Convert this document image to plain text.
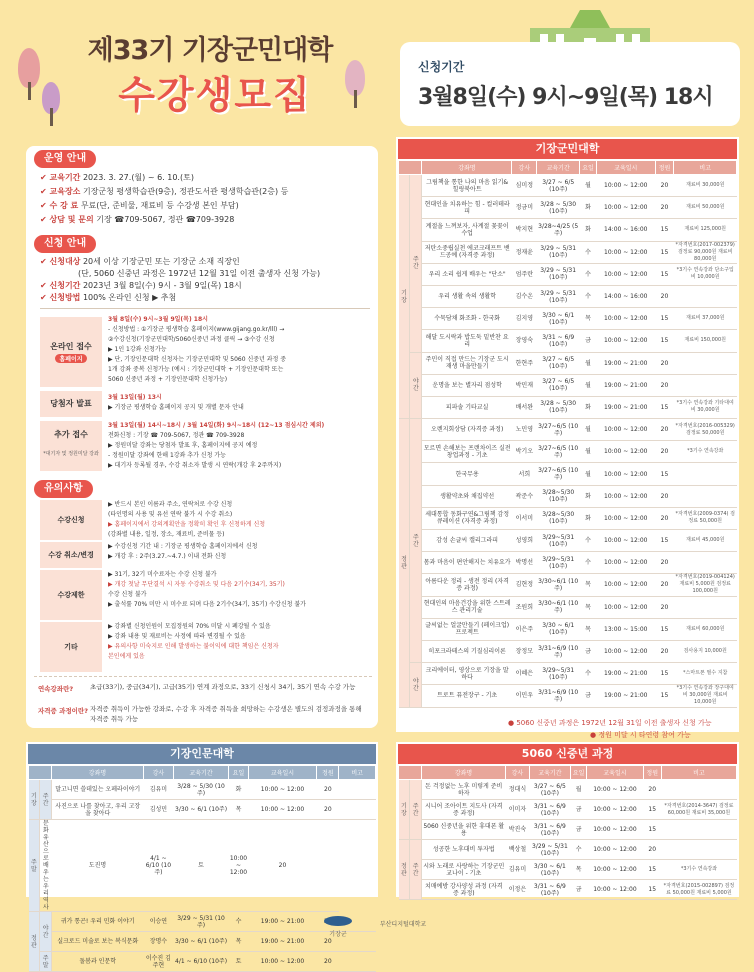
제33기 기장군민대학
수강생모집
신청기간
3월8일(수) 9시~9일(목) 18시
운영 안내
✔ 교육기간 2023. 3. 27.(월) ~ 6. 10.(토)
✔ 교육장소 기장군청 평생학습관(9층), 정관도서관 평생학습관(2층) 등
✔ 수 강 료 무료(단, 준비물, 재료비 등 수강생 본인 부담)
✔ 상담 및 문의 기장 ☎709-5067, 정관 ☎709-3928
신청 안내
✔ 신청대상 20세 이상 기장군민 또는 기장군 소재 직장인
(단, 5060 신중년 과정은 1972년 12월 31일 이전 출생자 신청 가능)
✔ 신청기간 2023년 3월 8일(수) 9시 - 3월 9일(목) 18시
✔ 신청방법 100% 온라인 신청 ▶ 추첨
온라인 접수
홈페이지
3월 8일(수) 9시~3월 9일(목) 18시
- 신청방법 : ①기장군 평생학습 홈페이지(www.gijang.go.kr/lll) →
②수강신청(기장군민대학/5060신중년 과정 클릭 → ③수강 신청
▶ 1인 1강좌 신청가능
▶ 단, 기장인문대학 신청자는 기장군민대학 및 5060 신중년 과정 중
1개 강좌 중복 신청가능 (예시 : 기장군민대학 + 기장인문대학 또는
5060 신중년 과정 + 기장인문대학 신청가능)
당첨자 발표
3월 13일(월) 13시
▶ 기장군 평생학습 홈페이지 공지 및 개별 문자 안내
추가 접수
*대기자 및 정원미달 강좌
3월 13일(월) 14시~18시 / 3월 14일(화) 9시~18시 (12~13 점심시간 제외)
전화신청 : 기장 ☎ 709-5067, 정관 ☎ 709-3928
▶ 정원미달 강좌는 당첨자 발표 후, 홈페이지에 공지 예정
- 정원미달 강좌에 한해 1강좌 추가 신청 가능
▶ 대기자 등록될 경우, 수강 취소자 발생 시 연락(개강 후 2주까지)
유의사항
수강신청
▶ 반드시 본인 이름과 주소, 연락처로 수강 신청
(타인명의 사용 및 유선 연락 불가 시 수강 취소)
▶ 홈페이지에서 강의계획안을 정확히 확인 후 신청하게 신청
(강좌별 내용, 일정, 장소, 재료비, 준비물 등)
수강 취소/변경
▶ 수강신청 기간 내 : 기장군 평생학습 홈페이지에서 신청
▶ 개강 후 : 2주(3.27.~4.7.) 이내 전화 신청
수강제한
▶ 31기, 32기 미수료자는 수강 신청 불가
▶ 개강 첫날 무단결석 시 자동 수강취소 및 다음 2기수(34기, 35기)
수강 신청 불가
▶ 출석률 70% 미만 시 미수료 되며 다음 2기수(34기, 35기) 수강신청 불가
기타
▶ 강좌별 신청인원이 모집정원의 70% 미달 시 폐강될 수 있음
▶ 강좌 내용 및 재료비는 사정에 따라 변경될 수 있음
▶ 유의사항 미숙지로 인해 발생하는 불이익에 대한 책임은 신청자
본인에게 있음
연속강좌란?	초급(33기), 중급(34기), 고급(35기) 연계 과정으로, 33기 신청시 34기, 35기 연속 수강 가능
자격증 과정이란? 자격증 취득이 가능한 강좌로, 수강 후 자격증 취득을 희망하는 수강생은 별도의 검정과정을 통해 자격증 취득 가능
기장군민대학
		강좌명	강사	교육기간	요일	교육일시	정원	비고
기장	주간	그림책을 통한 나의 마음 읽기&힐링북아트	심미정	3/27 ~ 6/5 (10주)	월	10:00 ~ 12:00	20	재료비 30,000원
		현대인을 치유하는 힘 - 컬러테라피	정금미	3/28 ~ 5/30 (10주)	화	10:00 ~ 12:00	20	재료비 50,000원
		계절을 느껴보자, 사계절 꽃꽂이 수업	박지현	3/28~4/25 (5주)	화	14:00 ~ 16:00	15	재료비 125,000원
		저탄소중립실천 에코크래프트 밴드공예 (자격증 과정)	정재윤	3/29 ~ 5/31 (10주)	수	10:00 ~ 12:00	15	*자격번호(2017-002379) 검정료 90,000원 재료비 80,000원
		우리 소리 쉽게 배우는 "단소"	엄주란	3/29 ~ 5/31 (10주)	수	10:00 ~ 12:00	15	*3기수 연속강좌 단소구입비 10,000원
		우리 생활 속의 생활학	김수온	3/29 ~ 5/31 (10주)	수	14:00 ~ 16:00	20	
		수묵담채 화조화 - 한국화	김지영	3/30 ~ 6/1 (10주)	목	10:00 ~ 12:00	15	재료비 37,000원
		해달 도시락과 밥도둑 밑반찬 요리	장영숙	3/31 ~ 6/9 (10주)	금	10:00 ~ 12:00	15	재료비 150,000원
	야간	주민이 직접 만드는 기장군 도시재생 마을만들기	한현주	3/27 ~ 6/5 (10주)	월	19:00 ~ 21:00	20	
		운명을 보는 별자리 점성학	박민재	3/27 ~ 6/5 (10주)	월	19:00 ~ 21:00	20	
		피파솔 기타교실	배서완	3/28 ~ 5/30 (10주)	화	19:00 ~ 21:00	15	*3기수 연속강좌 기타대여비 30,000원
정관	주간	오렌지회상담 (자격증 과정)	노민영	3/27~6/5 (10주)	월	10:00 ~ 12:00	20	*자격번호(2016-005329) 검정료 50,000원
		모르면 손해보는 프랜차이즈 실전 창업과정 - 기초	박기오	3/27~6/5 (10주)	월	10:00 ~ 12:00	20	*3기수 연속강좌
		한국무용	서희	3/27~6/5 (10주)	월	10:00 ~ 12:00	15	
		생활약초와 채집약선	곽준수	3/28~5/30 (10주)	화	10:00 ~ 12:00	20	
		세대통합 동화구연&그림책 감정큐레이션 (자격증 과정)	이서미	3/28~5/30 (10주)	화	10:00 ~ 12:00	20	*자격번호(2009-0374) 검정료 50,000원
		감성 손글씨 캘리그라피	성영희	3/29~5/31 (10주)	수	10:00 ~ 12:00	15	재료비 45,000원
		몸과 마음이 편안해지는 치유요가	박명선	3/29~5/31 (10주)	수	10:00 ~ 12:00	20	
		아름다운 정리 - 생전 정리 (자격증 과정)	김현정	3/30~6/1 (10주)	목	10:00 ~ 12:00	20	*자격번호(2019-004124) 재료비 5,000원 검정료 100,000원
		현대인의 마음건강을 위한 스트레스 관리기술	조원희	3/30~6/1 (10주)	목	10:00 ~ 12:00	20	
		글씨없는 얼굴만들기 (페이크업) 프로젝트	이은주	3/30 ~ 6/1 (10주)	목	13:00 ~ 15:00	15	재료비 60,000원
		히포크라테스의 기질심리이론	장정모	3/31~6/9 (10주)	금	10:00 ~ 12:00	20	검사용지 10,000원
	야간	크리에이터, 영상으로 기장을 말하다	이혜은	3/29~5/31 (10주)	수	19:00 ~ 21:00	15	*스마트폰 필수 지참
		트로트 퓨전장구 - 기초	이민우	3/31~6/9 (10주)	금	19:00 ~ 21:00	15	*3기수 연속강좌 장구대여비 30,000원 재료비 10,000원
● 5060 신중년 과정은 1972년 12월 31일 이전 출생자 신청 가능
● 정원 미달 시 타연령 참여 가능
기장인문대학
		강좌명	강사	교육기간	요일	교육일시	정원	비고
기장	주간	말고니면 쓸데있는 오페라이야기	김유미	3/28 ~ 5/30 (10주)	화	10:00 ~ 12:00	20	
		사진으로 나를 찾아고, 우리 고장을 찾아다	김성민	3/30 ~ 6/1 (10주)	목	10:00 ~ 12:00	20	
주말	문화유산으로 배우는 우리역사	도진명	4/1 ~ 6/10 (10주)	토	10:00 ~ 12:00	20		
정관	야간	귀가 통곤! 우리 민화 이야기	이승연	3/29 ~ 5/31 (10주)	수	19:00 ~ 21:00		
		실크로드 미술로 보는 복식문화	장명수	3/30 ~ 6/1 (10주)	목	19:00 ~ 21:00	20	
	주말	돌봄과 인문학	이수진 김주현	4/1 ~ 6/10 (10주)	토	10:00 ~ 12:00	20	
5060 신중년 과정
		강좌명	강사	교육기간	요일	교육일시	정원	비고
기장	주간	돈 걱정없는 노후 미렇게 준비하자	정대식	3/27 ~ 6/5 (10주)	월	10:00 ~ 12:00	20	
		시니어 조아이트 지도사 (자격증 과정)	이미자	3/31 ~ 6/9 (10주)	금	10:00 ~ 12:00	15	*자격번호(2014-3647) 검정료 60,000원 재료비 35,000원
		5060 신중년을 위한 휴대폰 활용	박진숙	3/31 ~ 6/9 (10주)	금	10:00 ~ 12:00	15	
정관	주간	성공한 노후대비 투자법	백상철	3/29 ~ 5/31 (10주)	수	10:00 ~ 12:00	20	
		시와 노래로 사랑하는 기장군민교나이 - 기초	김유미	3/30 ~ 6/1 (10주)	목	10:00 ~ 12:00	15	*3기수 연속강좌
		치매예방 강사양성 과정 (자격증 과정)	이정은	3/31 ~ 6/9 (10주)	금	10:00 ~ 12:00	15	*자격번호(2015-002897) 검정료 50,000원 재료비 5,000원
기장군
부산디지털대학교
